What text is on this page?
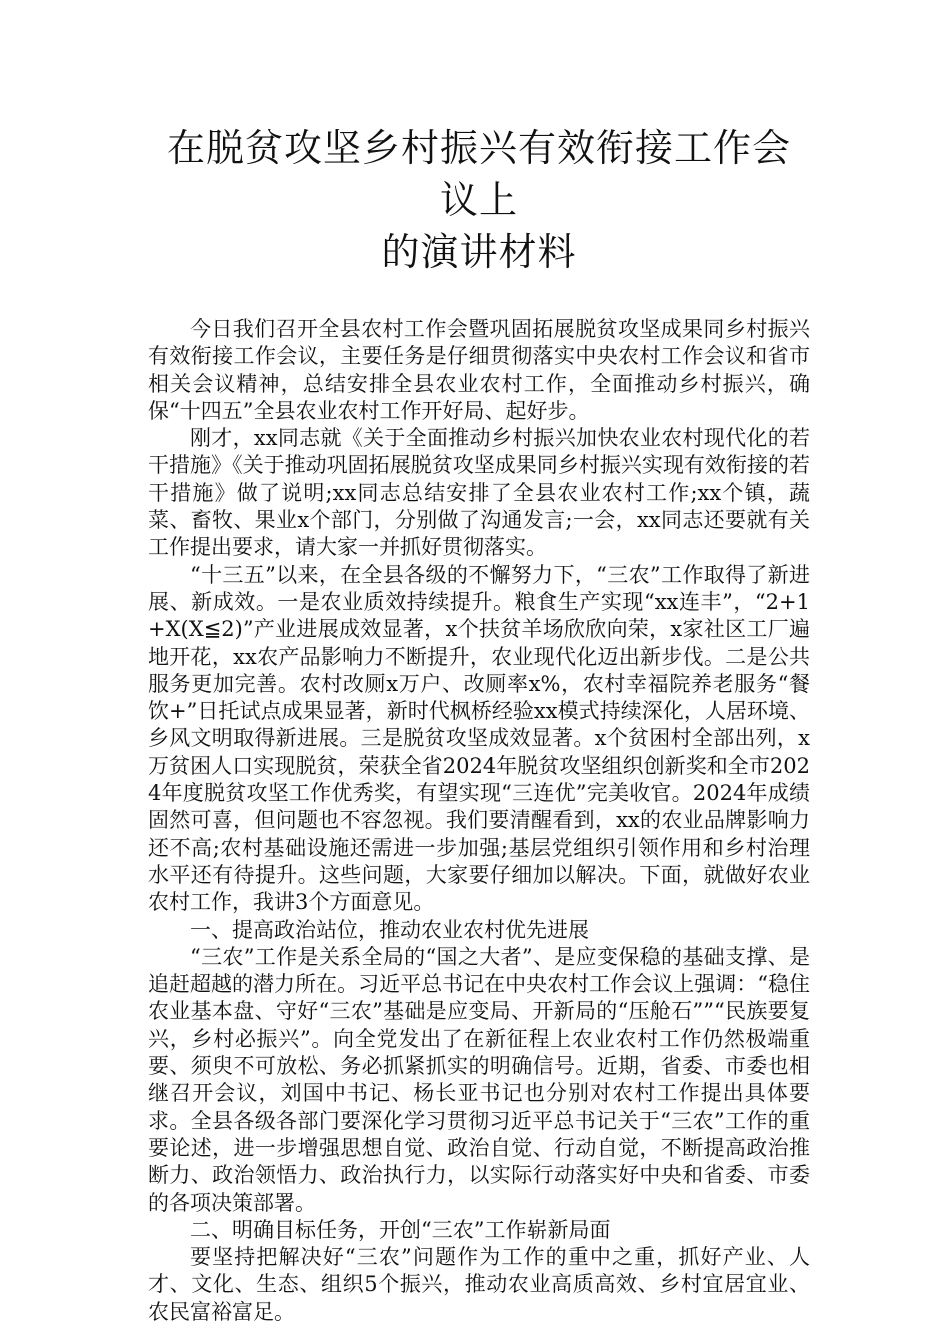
在脱贫攻坚乡村振兴有效衔接工作会议上
的演讲材料

今日我们召开全县农村工作会暨巩固拓展脱贫攻坚成果同乡村振兴有效衔接工作会议，主要任务是仔细贯彻落实中央农村工作会议和省市相关会议精神，总结安排全县农业农村工作，全面推动乡村振兴，确保“十四五”全县农业农村工作开好局、起好步。

刚才，xx同志就《关于全面推动乡村振兴加快农业农村现代化的若干措施》《关于推动巩固拓展脱贫攻坚成果同乡村振兴实现有效衔接的若干措施》做了说明;xx同志总结安排了全县农业农村工作;xx个镇，蔬菜、畜牧、果业x个部门，分别做了沟通发言;一会，xx同志还要就有关工作提出要求，请大家一并抓好贯彻落实。

“十三五”以来，在全县各级的不懈努力下，“三农”工作取得了新进展、新成效。一是农业质效持续提升。粮食生产实现“xx连丰”，“2+1+X(X≦2)”产业进展成效显著，x个扶贫羊场欣欣向荣，x家社区工厂遍地开花，xx农产品影响力不断提升，农业现代化迈出新步伐。二是公共服务更加完善。农村改厕x万户、改厕率x%，农村幸福院养老服务“餐饮+”日托试点成果显著，新时代枫桥经验xx模式持续深化，人居环境、乡风文明取得新进展。三是脱贫攻坚成效显著。x个贫困村全部出列，x万贫困人口实现脱贫，荣获全省2024年脱贫攻坚组织创新奖和全市2024年度脱贫攻坚工作优秀奖，有望实现“三连优”完美收官。2024年成绩固然可喜，但问题也不容忽视。我们要清醒看到，xx的农业品牌影响力还不高;农村基础设施还需进一步加强;基层党组织引领作用和乡村治理水平还有待提升。这些问题，大家要仔细加以解决。下面，就做好农业农村工作，我讲3个方面意见。

一、提高政治站位，推动农业农村优先进展

“三农”工作是关系全局的“国之大者”、是应变保稳的基础支撑、是追赶超越的潜力所在。习近平总书记在中央农村工作会议上强调：“稳住农业基本盘、守好“三农”基础是应变局、开新局的“压舱石””“民族要复兴，乡村必振兴”。向全党发出了在新征程上农业农村工作仍然极端重要、须臾不可放松、务必抓紧抓实的明确信号。近期，省委、市委也相继召开会议，刘国中书记、杨长亚书记也分别对农村工作提出具体要求。全县各级各部门要深化学习贯彻习近平总书记关于“三农”工作的重要论述，进一步增强思想自觉、政治自觉、行动自觉，不断提高政治推断力、政治领悟力、政治执行力，以实际行动落实好中央和省委、市委的各项决策部署。

二、明确目标任务，开创“三农”工作崭新局面

要坚持把解决好“三农”问题作为工作的重中之重，抓好产业、人才、文化、生态、组织5个振兴，推动农业高质高效、乡村宜居宜业、农民富裕富足。
